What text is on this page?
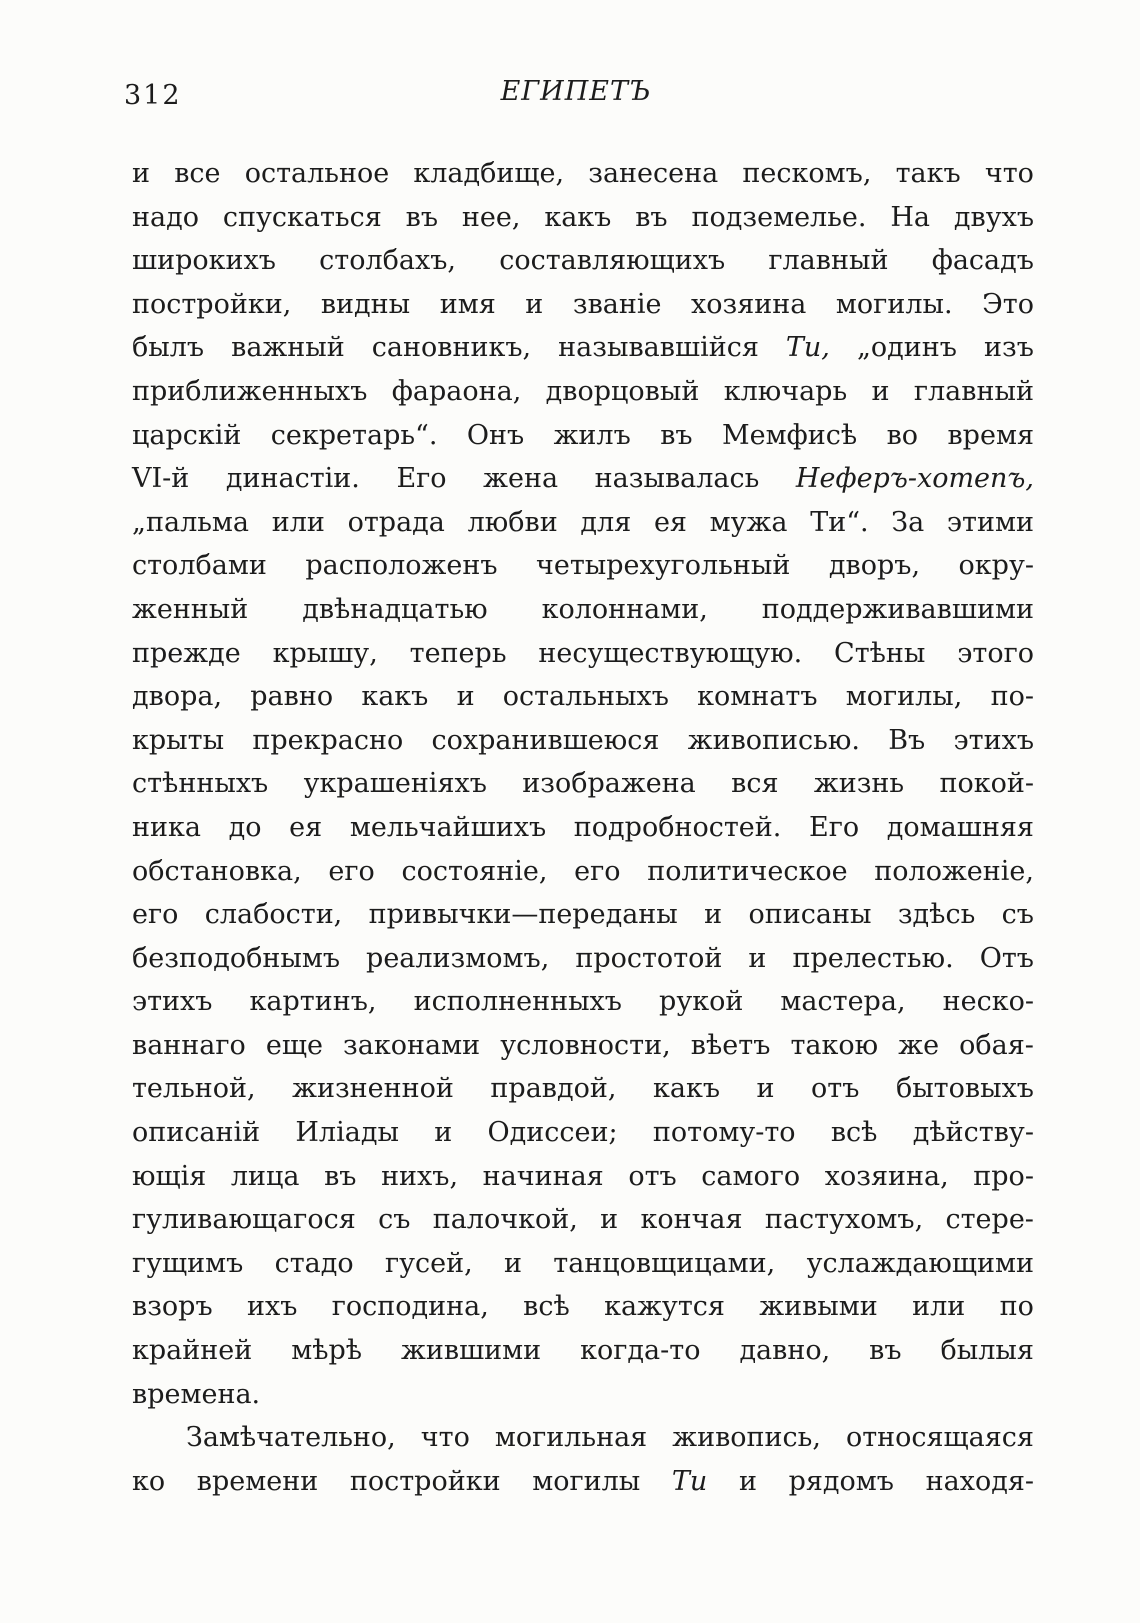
312	ЕГИПЕТЪ
и все остальное кладбище, занесена пескомъ, такъ что
надо спускаться въ нее, какъ въ подземелье. На двухъ
широкихъ столбахъ, составляющихъ главный фасадъ
постройки, видны имя и званіе хозяина могилы. Это
былъ важный сановникъ, называвшійся Ти, „одинъ изъ
приближенныхъ фараона, дворцовый ключарь и главный
царскій секретарь“. Онъ жилъ въ Мемфисѣ во время
VI-й династіи. Его жена называлась Неферъ-хотепъ,
„пальма или отрада любви для ея мужа Ти“. За этими
столбами расположенъ четырехугольный дворъ, окру-
женный двѣнадцатью колоннами, поддерживавшими
прежде крышу, теперь несуществующую. Стѣны этого
двора, равно какъ и остальныхъ комнатъ могилы, по-
крыты прекрасно сохранившеюся живописью. Въ этихъ
стѣнныхъ украшеніяхъ изображена вся жизнь покой-
ника до ея мельчайшихъ подробностей. Его домашняя
обстановка, его состояніе, его политическое положеніе,
его слабости, привычки—переданы и описаны здѣсь съ
безподобнымъ реализмомъ, простотой и прелестью. Отъ
этихъ картинъ, исполненныхъ рукой мастера, неско-
ваннаго еще законами условности, вѣетъ такою же обая-
тельной, жизненной правдой, какъ и отъ бытовыхъ
описаній Иліады и Одиссеи; потому-то всѣ дѣйству-
ющія лица въ нихъ, начиная отъ самого хозяина, про-
гуливающагося съ палочкой, и кончая пастухомъ, стере-
гущимъ стадо гусей, и танцовщицами, услаждающими
взоръ ихъ господина, всѣ кажутся живыми или по
крайней мѣрѣ жившими когда-то давно, въ былыя
времена.
Замѣчательно, что могильная живопись, относящаяся
ко времени постройки могилы Ти и рядомъ находя-
